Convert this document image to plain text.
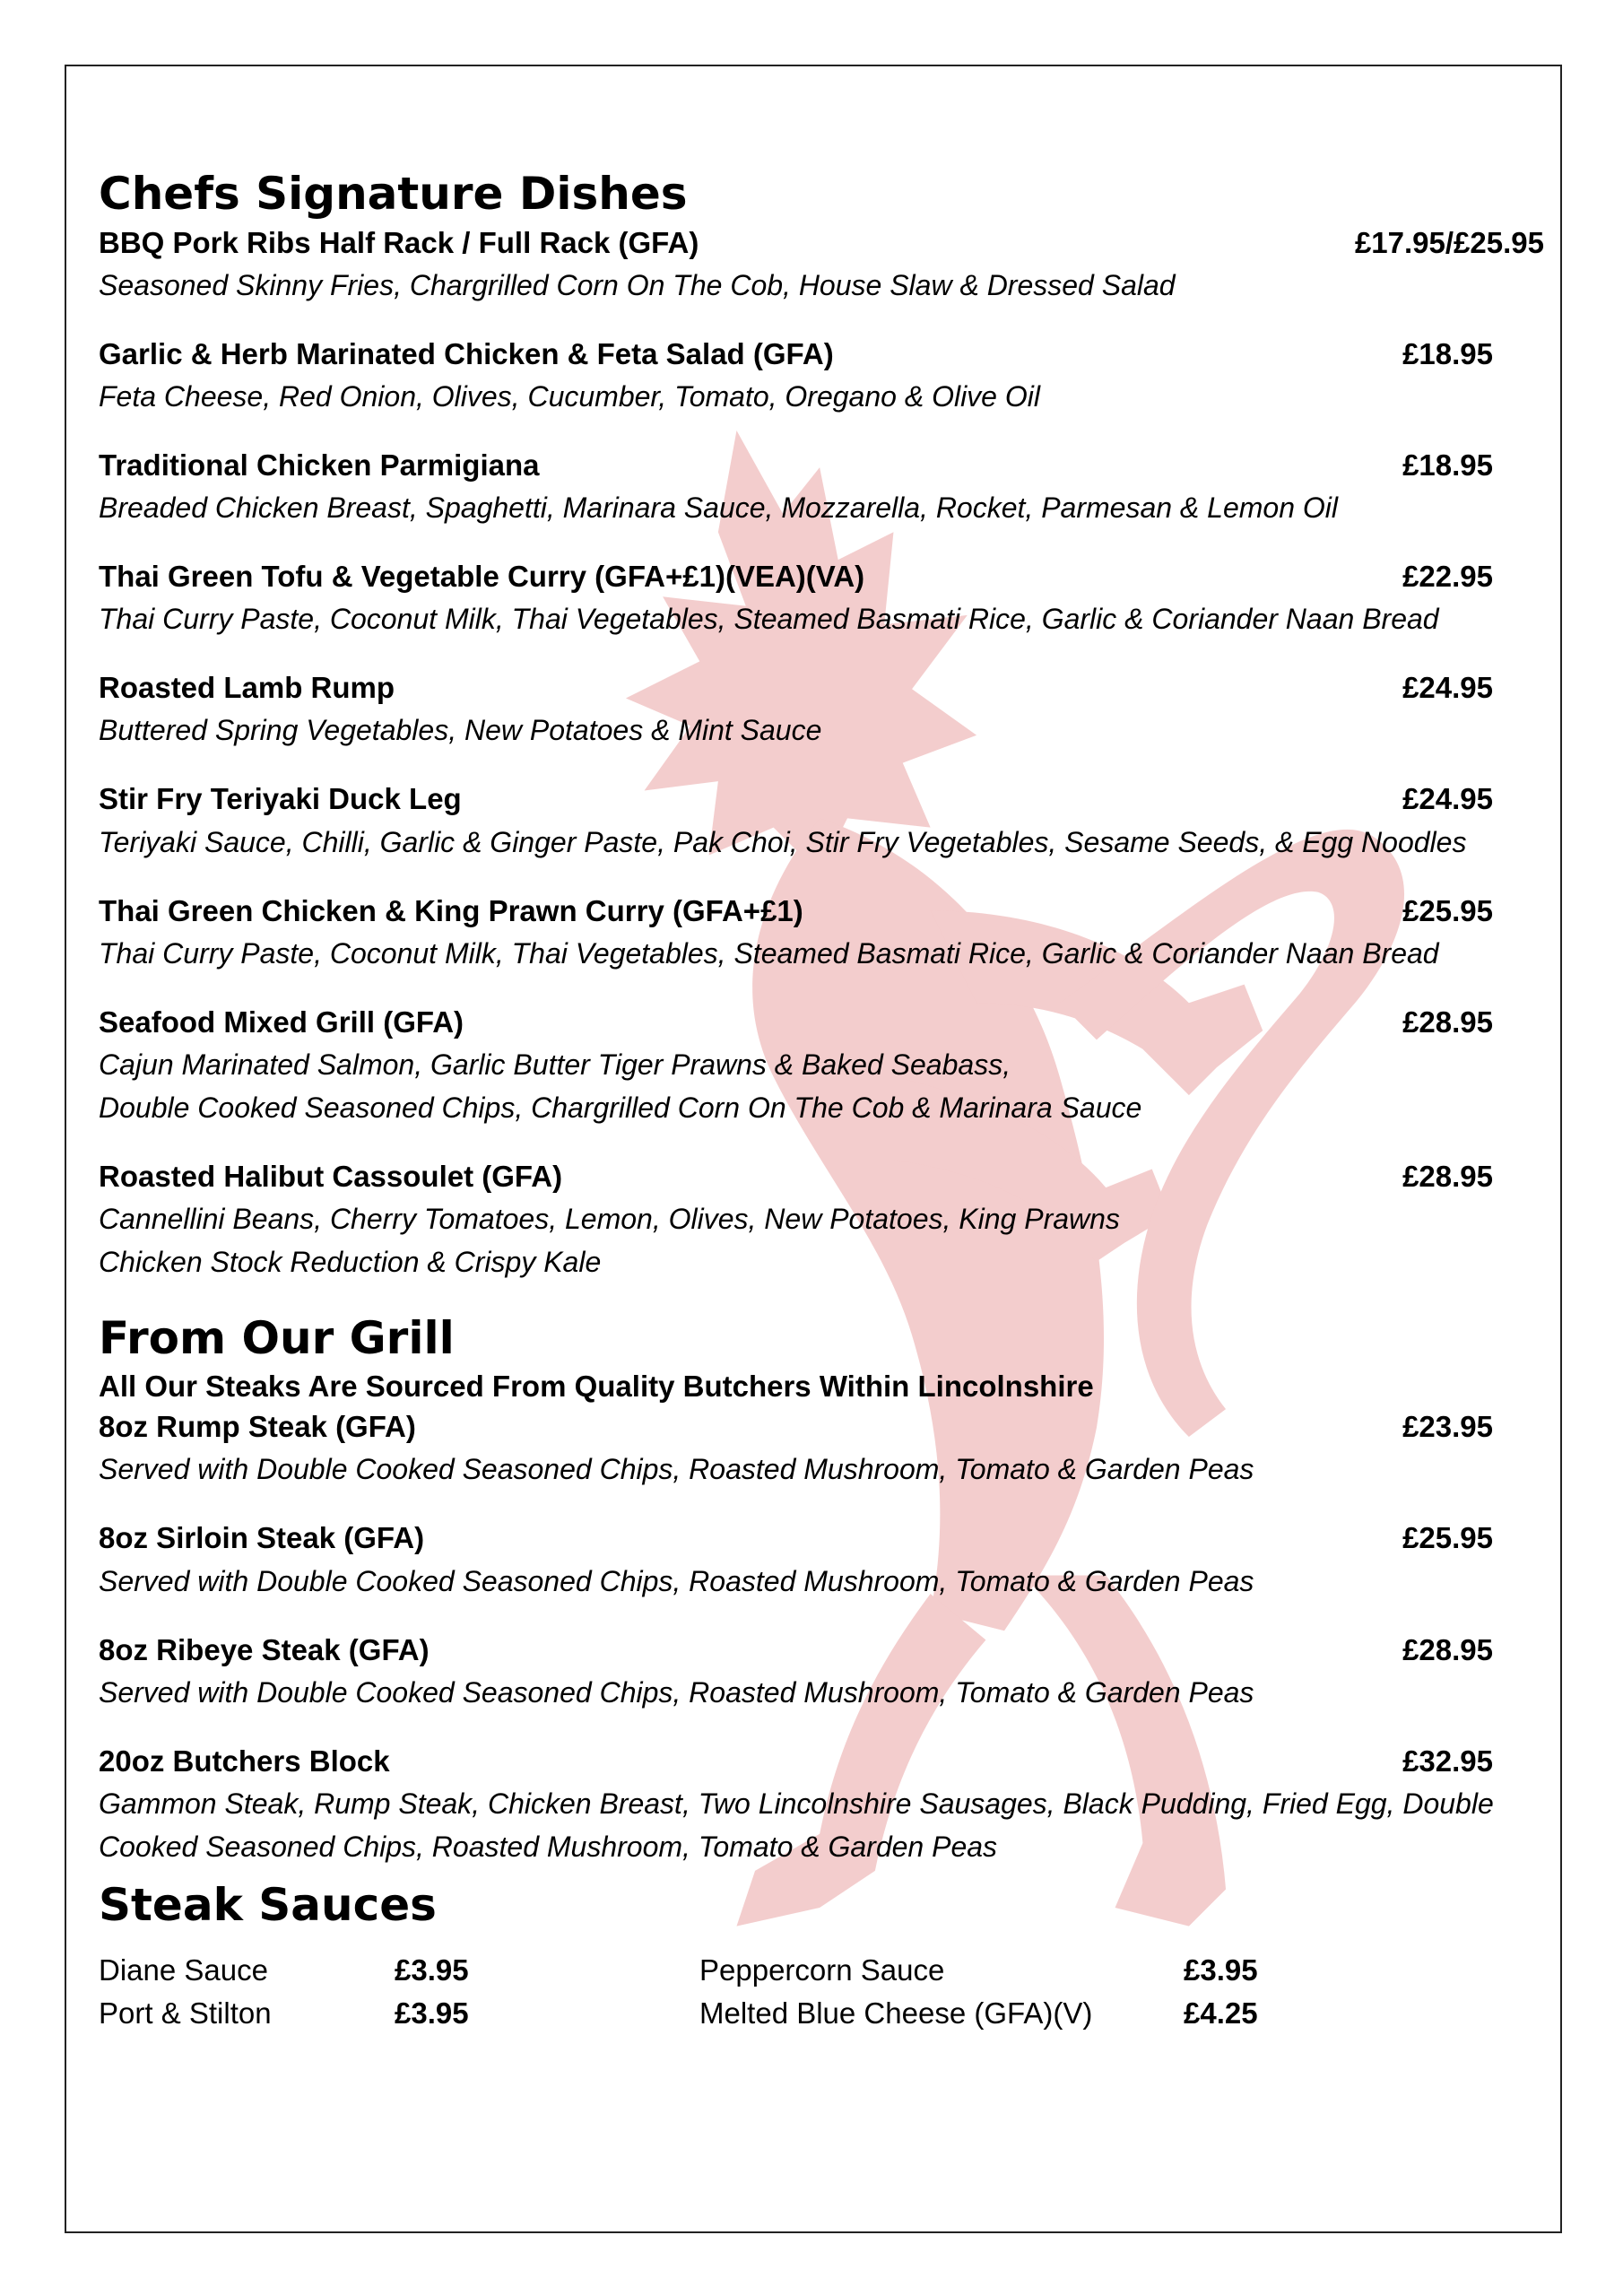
Chefs Signature Dishes
BBQ Pork Ribs Half Rack / Full Rack (GFA)	£17.95/£25.95
Seasoned Skinny Fries, Chargrilled Corn On The Cob, House Slaw & Dressed Salad
Garlic & Herb Marinated Chicken & Feta Salad (GFA)	£18.95
Feta Cheese, Red Onion, Olives, Cucumber, Tomato, Oregano & Olive Oil
Traditional Chicken Parmigiana	£18.95
Breaded Chicken Breast, Spaghetti, Marinara Sauce, Mozzarella, Rocket, Parmesan & Lemon Oil
Thai Green Tofu & Vegetable Curry (GFA+£1)(VEA)(VA)	£22.95
Thai Curry Paste, Coconut Milk, Thai Vegetables, Steamed Basmati Rice, Garlic & Coriander Naan Bread
Roasted Lamb Rump	£24.95
Buttered Spring Vegetables, New Potatoes & Mint Sauce
Stir Fry Teriyaki Duck Leg	£24.95
Teriyaki Sauce, Chilli, Garlic & Ginger Paste, Pak Choi, Stir Fry Vegetables, Sesame Seeds, & Egg Noodles
Thai Green Chicken & King Prawn Curry (GFA+£1)	£25.95
Thai Curry Paste, Coconut Milk, Thai Vegetables, Steamed Basmati Rice, Garlic & Coriander Naan Bread
Seafood Mixed Grill (GFA)	£28.95
Cajun Marinated Salmon, Garlic Butter Tiger Prawns & Baked Seabass,
Double Cooked Seasoned Chips, Chargrilled Corn On The Cob & Marinara Sauce
Roasted Halibut Cassoulet (GFA)	£28.95
Cannellini Beans, Cherry Tomatoes, Lemon, Olives, New Potatoes, King Prawns
Chicken Stock Reduction & Crispy Kale
From Our Grill
All Our Steaks Are Sourced From Quality Butchers Within Lincolnshire
8oz Rump Steak (GFA)	£23.95
Served with Double Cooked Seasoned Chips, Roasted Mushroom, Tomato & Garden Peas
8oz Sirloin Steak (GFA)	£25.95
Served with Double Cooked Seasoned Chips, Roasted Mushroom, Tomato & Garden Peas
8oz Ribeye Steak (GFA)	£28.95
Served with Double Cooked Seasoned Chips, Roasted Mushroom, Tomato & Garden Peas
20oz Butchers Block	£32.95
Gammon Steak, Rump Steak, Chicken Breast, Two Lincolnshire Sausages, Black Pudding, Fried Egg, Double
Cooked Seasoned Chips, Roasted Mushroom, Tomato & Garden Peas
Steak Sauces
Diane Sauce	£3.95	Peppercorn Sauce	£3.95
Port & Stilton	£3.95	Melted Blue Cheese (GFA)(V)	£4.25
